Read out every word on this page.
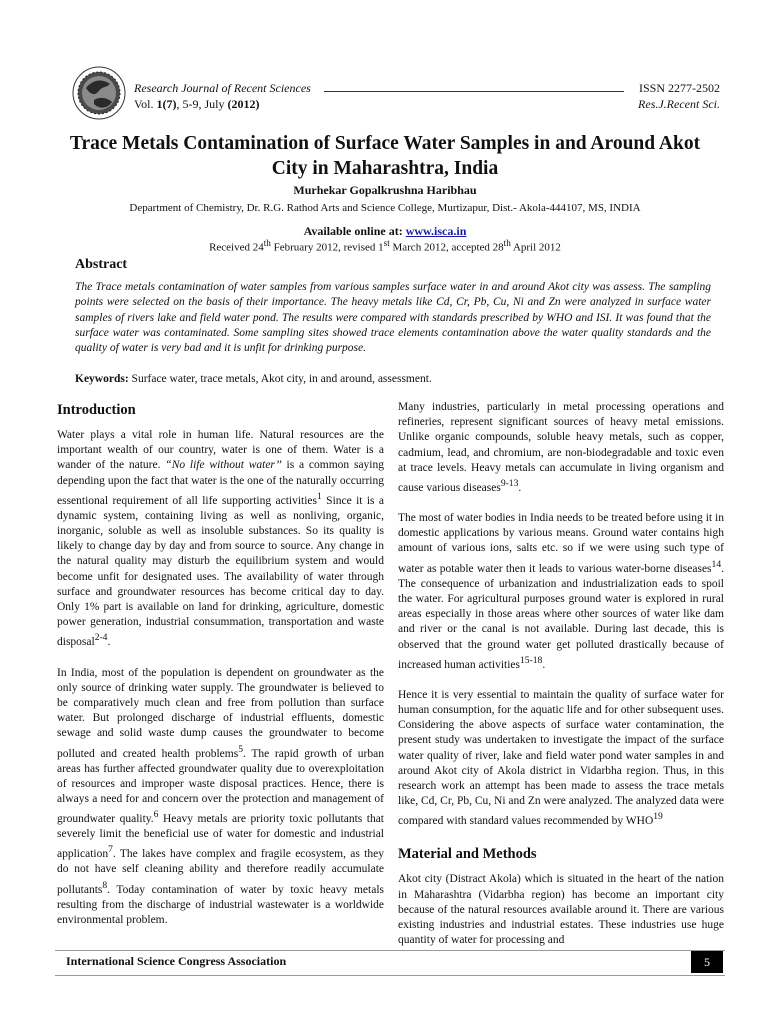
Research Journal of Recent Sciences
Vol. 1(7), 5-9, July (2012)
ISSN 2277-2502
Res.J.Recent Sci.
Trace Metals Contamination of Surface Water Samples in and Around Akot City in Maharashtra, India
Murhekar Gopalkrushna Haribhau
Department of Chemistry, Dr. R.G. Rathod Arts and Science College, Murtizapur, Dist.- Akola-444107, MS, INDIA
Available online at: www.isca.in
Received 24th February 2012, revised 1st March 2012, accepted 28th April 2012
Abstract
The Trace metals contamination of water samples from various samples surface water in and around Akot city was assess. The sampling points were selected on the basis of their importance. The heavy metals like Cd, Cr, Pb, Cu, Ni and Zn were analyzed in surface water samples of rivers lake and field water pond. The results were compared with standards prescribed by WHO and ISI. It was found that the surface water was contaminated. Some sampling sites showed trace elements contamination above the water quality standards and the quality of water is very bad and it is unfit for drinking purpose.
Keywords: Surface water, trace metals, Akot city, in and around, assessment.
Introduction

Water plays a vital role in human life. Natural resources are the important wealth of our country, water is one of them. Water is a wander of the nature. “No life without water’’ is a common saying depending upon the fact that water is the one of the naturally occurring essentional requirement of all life supporting activities$^1$ Since it is a dynamic system, containing living as well as nonliving, organic, inorganic, soluble as well as insoluble substances. So its quality is likely to change day by day and from source to source. Any change in the natural quality may disturb the equilibrium system and would become unfit for designated uses. The availability of water through surface and groundwater resources has become critical day to day. Only 1% part is available on land for drinking, agriculture, domestic power generation, industrial consummation, transportation and waste disposal$^{2-4}$.

In India, most of the population is dependent on groundwater as the only source of drinking water supply. The groundwater is believed to be comparatively much clean and free from pollution than surface water. But prolonged discharge of industrial effluents, domestic sewage and solid waste dump causes the groundwater to become polluted and created health problems$^5$. The rapid growth of urban areas has further affected groundwater quality due to overexploitation of resources and improper waste disposal practices. Hence, there is always a need for and concern over the protection and management of groundwater quality.$^6$ Heavy metals are priority toxic pollutants that severely limit the beneficial use of water for domestic and industrial application$^7$. The lakes have complex and fragile ecosystem, as they do not have self cleaning ability and therefore readily accumulate pollutants$^8$. Today contamination of water by toxic heavy metals resulting from the discharge of industrial wastewater is a worldwide environmental problem.

Many industries, particularly in metal processing operations and refineries, represent significant sources of heavy metal emissions. Unlike organic compounds, soluble heavy metals, such as copper, cadmium, lead, and chromium, are non-biodegradable and toxic even at trace levels. Heavy metals can accumulate in living organism and cause various diseases$^{9-13}$.

The most of water bodies in India needs to be treated before using it in domestic applications by various means. Ground water contains high amount of various ions, salts etc. so if we were using such type of water as potable water then it leads to various water-borne diseases$^{14}$. The consequence of urbanization and industrialization eads to spoil the water. For agricultural purposes ground water is explored in rural areas especially in those areas where other sources of water like dam and river or the canal is not available. During last decade, this is observed that the ground water get polluted drastically because of increased human activities$^{15-18}$.

Hence it is very essential to maintain the quality of surface water for human consumption, for the aquatic life and for other subsequent uses. Considering the above aspects of surface water contamination, the present study was undertaken to investigate the impact of the surface water quality of river, lake and field water pond water samples in and around Akot city of Akola district in Vidarbha region. Thus, in this research work an attempt has been made to assess the trace metals like, Cd, Cr, Pb, Cu, Ni and Zn were analyzed. The analyzed data were compared with standard values recommended by WHO$^{19}$

Material and Methods

Akot city (Distract Akola) which is situated in the heart of the nation in Maharashtra (Vidarbha region) has become an important city because of the natural resources available around it. There are various existing industries and industrial estates. These industries use huge quantity of water for processing and

International Science Congress Association	5
